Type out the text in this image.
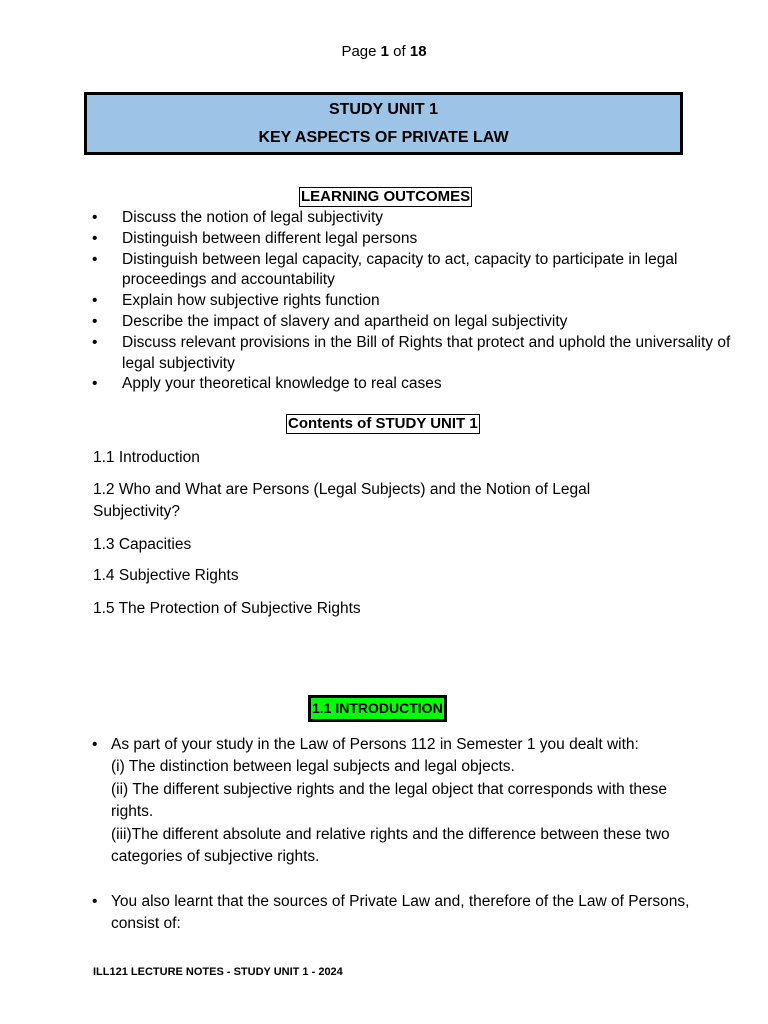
Page 1 of 18
STUDY UNIT 1
KEY ASPECTS OF PRIVATE LAW
LEARNING OUTCOMES
• Discuss the notion of legal subjectivity
• Distinguish between different legal persons
• Distinguish between legal capacity, capacity to act, capacity to participate in legal proceedings and accountability
• Explain how subjective rights function
• Describe the impact of slavery and apartheid on legal subjectivity
• Discuss relevant provisions in the Bill of Rights that protect and uphold the universality of legal subjectivity
• Apply your theoretical knowledge to real cases
Contents of STUDY UNIT 1
1.1 Introduction
1.2 Who and What are Persons (Legal Subjects) and the Notion of Legal
Subjectivity?
1.3 Capacities
1.4 Subjective Rights
1.5 The Protection of Subjective Rights
1.1 INTRODUCTION
• As part of your study in the Law of Persons 112 in Semester 1 you dealt with:
(i) The distinction between legal subjects and legal objects.
(ii) The different subjective rights and the legal object that corresponds with these rights.
(iii)The different absolute and relative rights and the difference between these two categories of subjective rights.
• You also learnt that the sources of Private Law and, therefore of the Law of Persons, consist of:
ILL121 LECTURE NOTES - STUDY UNIT 1 - 2024
